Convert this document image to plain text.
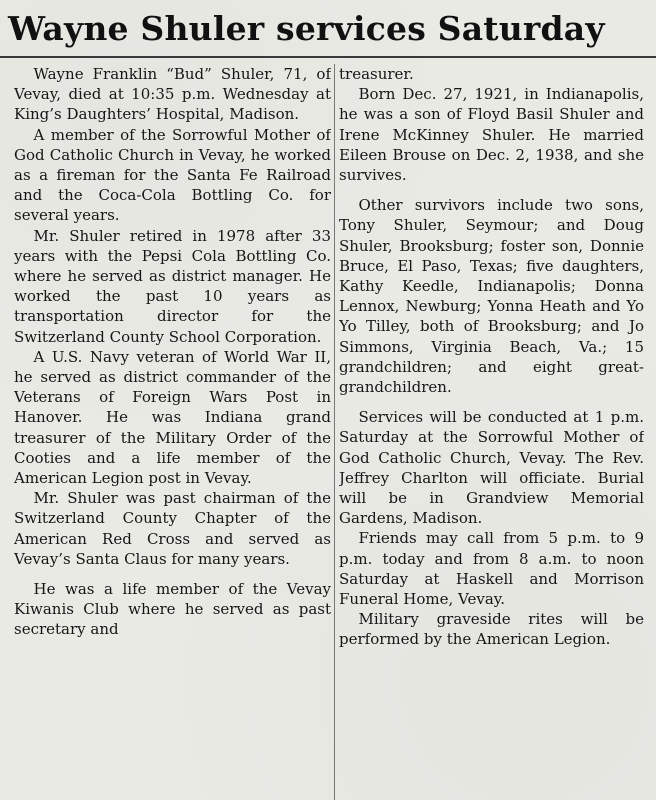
Wayne Shuler services Saturday

Wayne Franklin “Bud” Shuler, 71, of Vevay, died at 10:35 p.m. Wednesday at King’s Daughters’ Hospital, Madison.

A member of the Sorrowful Mother of God Catholic Church in Vevay, he worked as a fireman for the Santa Fe Railroad and the Coca-Cola Bottling Co. for several years.

Mr. Shuler retired in 1978 after 33 years with the Pepsi Cola Bottling Co. where he served as district manager. He worked the past 10 years as transportation director for the Switzerland County School Corporation.

A U.S. Navy veteran of World War II, he served as district commander of the Veterans of Foreign Wars Post in Hanover. He was Indiana grand treasurer of the Military Order of the Cooties and a life member of the American Legion post in Vevay.

Mr. Shuler was past chairman of the Switzerland County Chapter of the American Red Cross and served as Vevay’s Santa Claus for many years.

He was a life member of the Vevay Kiwanis Club where he served as past secretary and

treasurer.

Born Dec. 27, 1921, in Indianapolis, he was a son of Floyd Basil Shuler and Irene McKinney Shuler. He married Eileen Brouse on Dec. 2, 1938, and she survives.

Other survivors include two sons, Tony Shuler, Seymour; and Doug Shuler, Brooksburg; foster son, Donnie Bruce, El Paso, Texas; five daughters, Kathy Keedle, Indianapolis; Donna Lennox, Newburg; Yonna Heath and Yo Yo Tilley, both of Brooksburg; and Jo Simmons, Virginia Beach, Va.; 15 grandchildren; and eight great-grandchildren.

Services will be conducted at 1 p.m. Saturday at the Sorrowful Mother of God Catholic Church, Vevay. The Rev. Jeffrey Charlton will officiate. Burial will be in Grandview Memorial Gardens, Madison.

Friends may call from 5 p.m. to 9 p.m. today and from 8 a.m. to noon Saturday at Haskell and Morrison Funeral Home, Vevay.

Military graveside rites will be performed by the American Legion.
